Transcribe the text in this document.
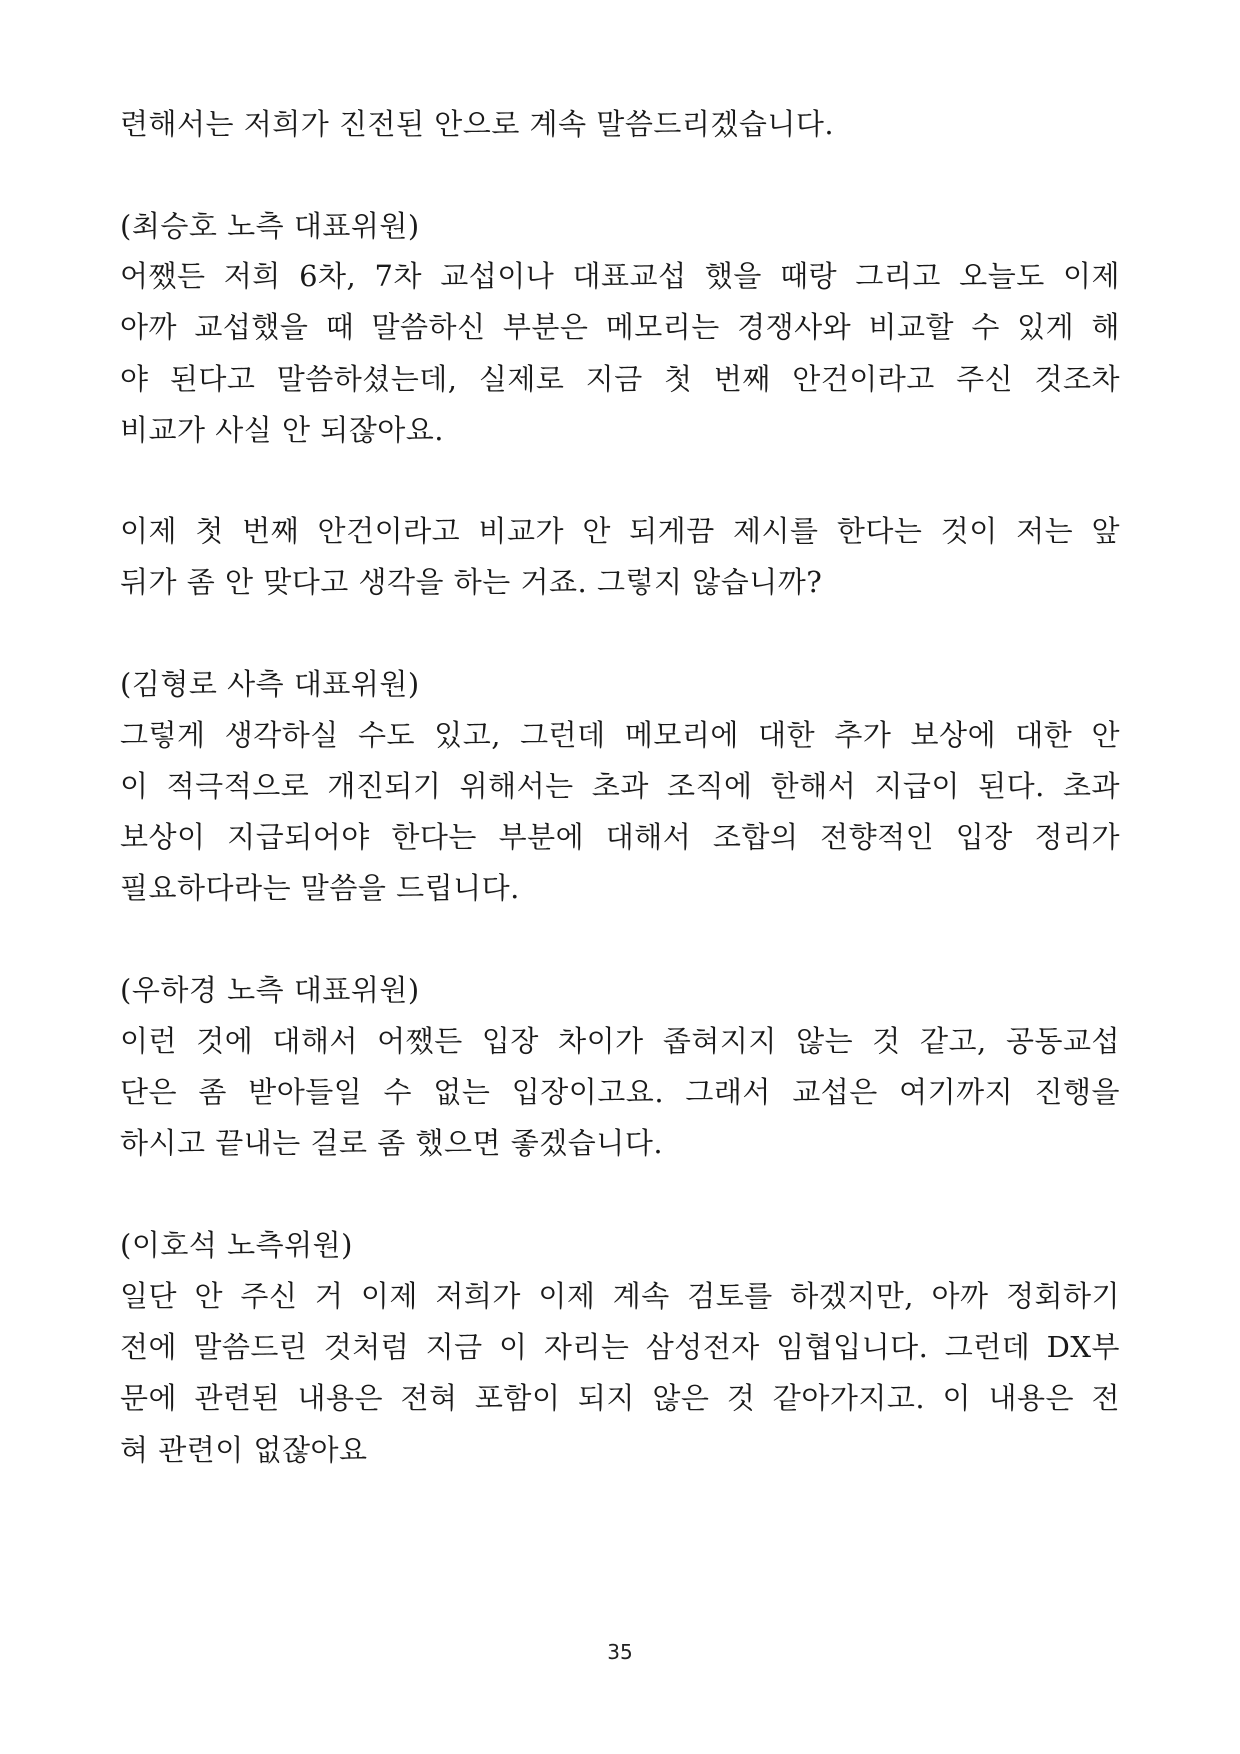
련해서는 저희가 진전된 안으로 계속 말씀드리겠습니다.
(최승호 노측 대표위원)
어쨌든 저희 6차, 7차 교섭이나 대표교섭 했을 때랑 그리고 오늘도 이제
아까 교섭했을 때 말씀하신 부분은 메모리는 경쟁사와 비교할 수 있게 해
야 된다고 말씀하셨는데, 실제로 지금 첫 번째 안건이라고 주신 것조차
비교가 사실 안 되잖아요.
이제 첫 번째 안건이라고 비교가 안 되게끔 제시를 한다는 것이 저는 앞
뒤가 좀 안 맞다고 생각을 하는 거죠. 그렇지 않습니까?
(김형로 사측 대표위원)
그렇게 생각하실 수도 있고, 그런데 메모리에 대한 추가 보상에 대한 안
이 적극적으로 개진되기 위해서는 초과 조직에 한해서 지급이 된다. 초과
보상이 지급되어야 한다는 부분에 대해서 조합의 전향적인 입장 정리가
필요하다라는 말씀을 드립니다.
(우하경 노측 대표위원)
이런 것에 대해서 어쨌든 입장 차이가 좁혀지지 않는 것 같고, 공동교섭
단은 좀 받아들일 수 없는 입장이고요. 그래서 교섭은 여기까지 진행을
하시고 끝내는 걸로 좀 했으면 좋겠습니다.
(이호석 노측위원)
일단 안 주신 거 이제 저희가 이제 계속 검토를 하겠지만, 아까 정회하기
전에 말씀드린 것처럼 지금 이 자리는 삼성전자 임협입니다. 그런데 DX부
문에 관련된 내용은 전혀 포함이 되지 않은 것 같아가지고. 이 내용은 전
혀 관련이 없잖아요
35
